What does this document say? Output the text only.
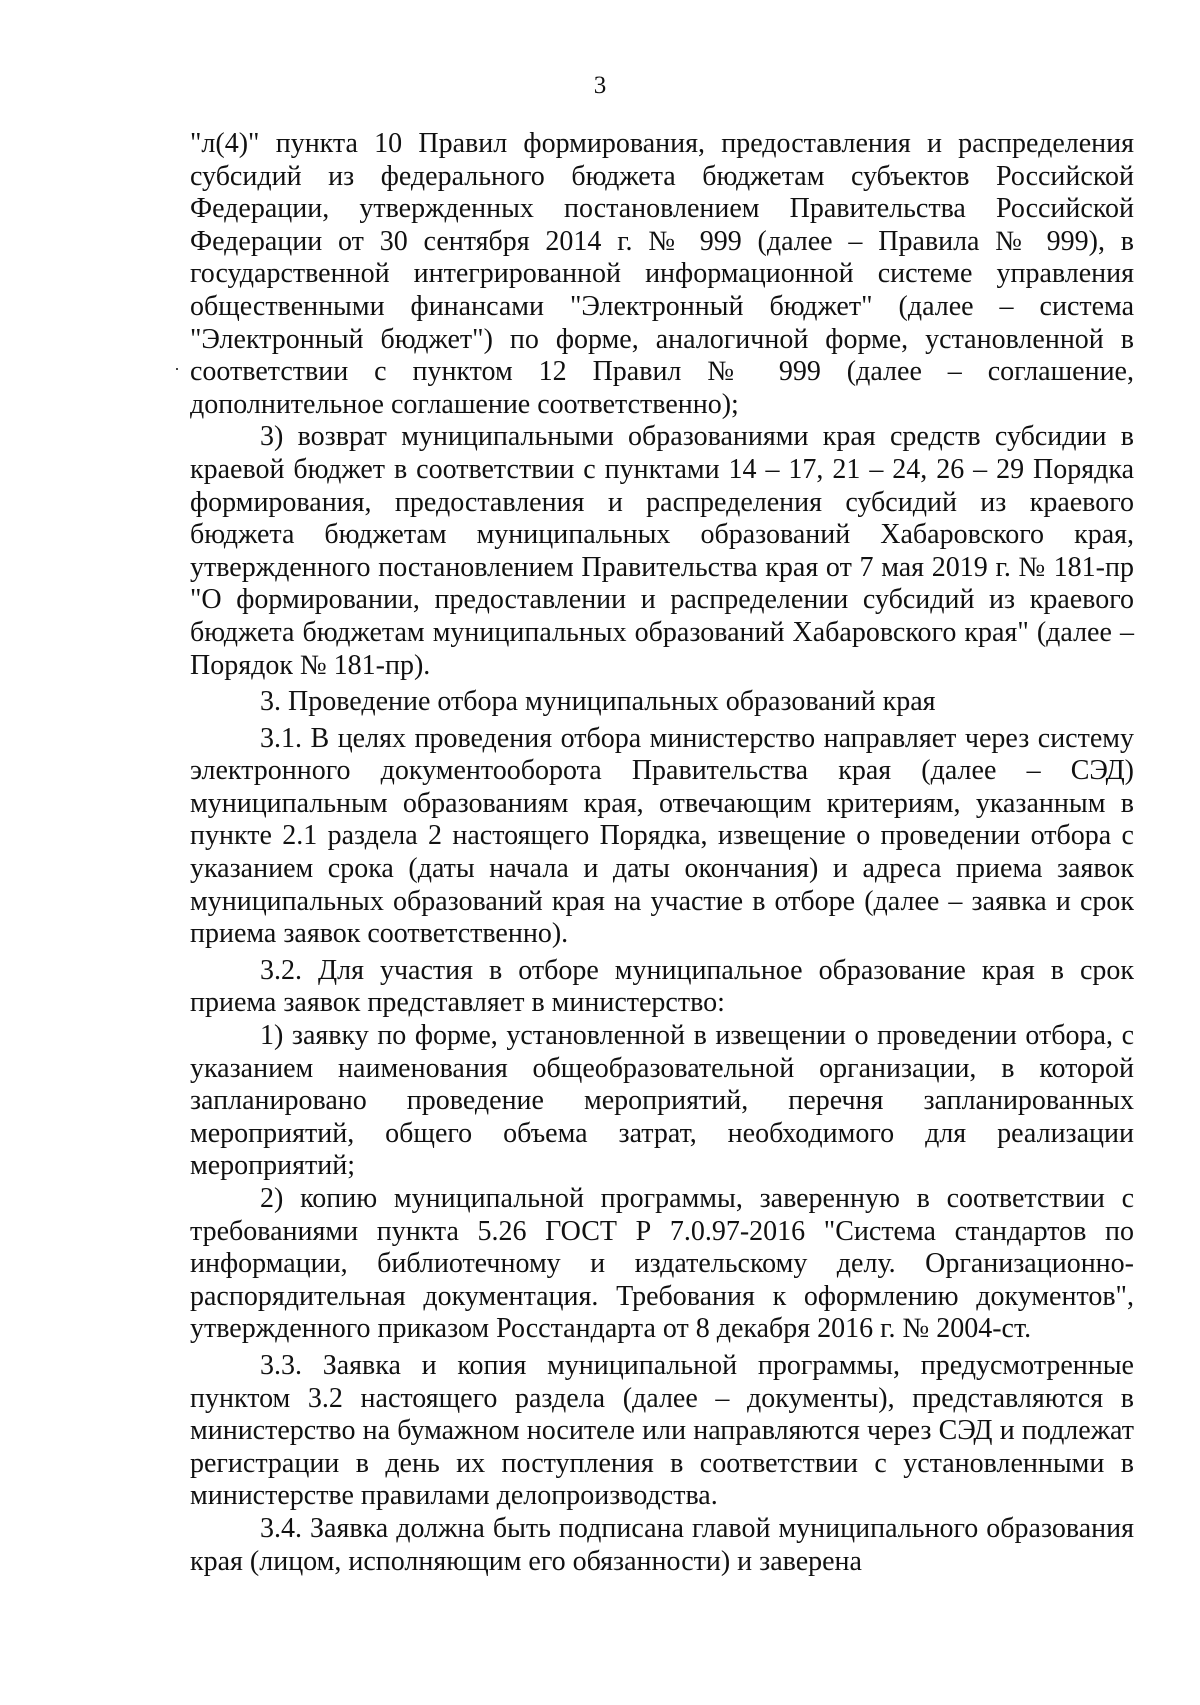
3

"л(4)" пункта 10 Правил формирования, предоставления и распределения субсидий из федерального бюджета бюджетам субъектов Российской Федерации, утвержденных постановлением Правительства Российской Федерации от 30 сентября 2014 г. № 999 (далее – Правила № 999), в государственной интегрированной информационной системе управления общественными финансами "Электронный бюджет" (далее – система "Электронный бюджет") по форме, аналогичной форме, установленной в соответствии с пунктом 12 Правил № 999 (далее – соглашение, дополнительное соглашение соответственно);

3) возврат муниципальными образованиями края средств субсидии в краевой бюджет в соответствии с пунктами 14 – 17, 21 – 24, 26 – 29 Порядка формирования, предоставления и распределения субсидий из краевого бюджета бюджетам муниципальных образований Хабаровского края, утвержденного постановлением Правительства края от 7 мая 2019 г. № 181-пр "О формировании, предоставлении и распределении субсидий из краевого бюджета бюджетам муниципальных образований Хабаровского края" (далее – Порядок № 181-пр).

3. Проведение отбора муниципальных образований края

3.1. В целях проведения отбора министерство направляет через систему электронного документооборота Правительства края (далее – СЭД) муниципальным образованиям края, отвечающим критериям, указанным в пункте 2.1 раздела 2 настоящего Порядка, извещение о проведении отбора с указанием срока (даты начала и даты окончания) и адреса приема заявок муниципальных образований края на участие в отборе (далее – заявка и срок приема заявок соответственно).

3.2. Для участия в отборе муниципальное образование края в срок приема заявок представляет в министерство:

1) заявку по форме, установленной в извещении о проведении отбора, с указанием наименования общеобразовательной организации, в которой запланировано проведение мероприятий, перечня запланированных мероприятий, общего объема затрат, необходимого для реализации мероприятий;

2) копию муниципальной программы, заверенную в соответствии с требованиями пункта 5.26 ГОСТ Р 7.0.97-2016 "Система стандартов по информации, библиотечному и издательскому делу. Организационно-распорядительная документация. Требования к оформлению документов", утвержденного приказом Росстандарта от 8 декабря 2016 г. № 2004-ст.

3.3. Заявка и копия муниципальной программы, предусмотренные пунктом 3.2 настоящего раздела (далее – документы), представляются в министерство на бумажном носителе или направляются через СЭД и подлежат регистрации в день их поступления в соответствии с установленными в министерстве правилами делопроизводства.

3.4. Заявка должна быть подписана главой муниципального образования края (лицом, исполняющим его обязанности) и заверена
